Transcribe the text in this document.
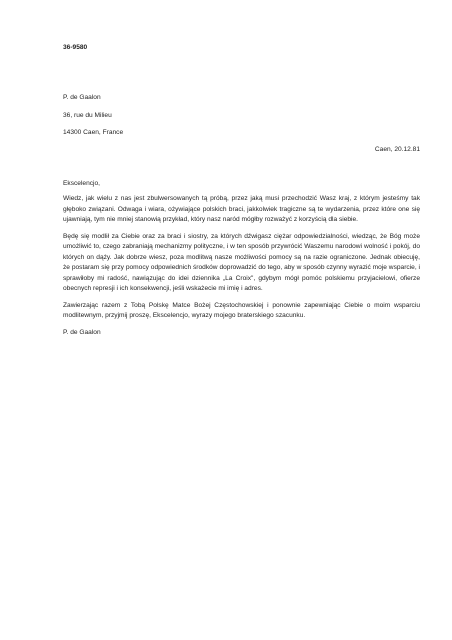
36-9580
P. de Gaalon
36, rue du Milieu
14300 Caen, France
Caen, 20.12.81

Ekscelencjo,

Wiedz, jak wielu z nas jest zbulwersowanych tą próbą, przez jaką musi przechodzić Wasz kraj, z którym jesteśmy tak głęboko związani. Odwaga i wiara, ożywiające polskich braci, jakkolwiek tragiczne są te wydarzenia, przez które one się ujawniają, tym nie mniej stanowią przykład, który nasz naród mógłby rozważyć z korzyścią dla siebie.

Będę się modlił za Ciebie oraz za braci i siostry, za których dźwigasz ciężar odpowiedzialności, wiedząc, że Bóg może umożliwić to, czego zabraniają mechanizmy polityczne, i w ten sposób przywrócić Waszemu narodowi wolność i pokój, do których on dąży. Jak dobrze wiesz, poza modlitwą nasze możliwości pomocy są na razie ograniczone. Jednak obiecuję, że postaram się przy pomocy odpowiednich środków doprowadzić do tego, aby w sposób czynny wyrazić moje wsparcie, i sprawiłoby mi radość, nawiązując do idei dziennika „La Croix", gdybym mógł pomóc polskiemu przyjacielowi, ofierze obecnych represji i ich konsekwencji, jeśli wskażecie mi imię i adres.

Zawierzając razem z Tobą Polskę Matce Bożej Częstochowskiej i ponownie zapewniając Ciebie o moim wsparciu modlitewnym, przyjmij proszę, Ekscelencjo, wyrazy mojego braterskiego szacunku.

P. de Gaalon
